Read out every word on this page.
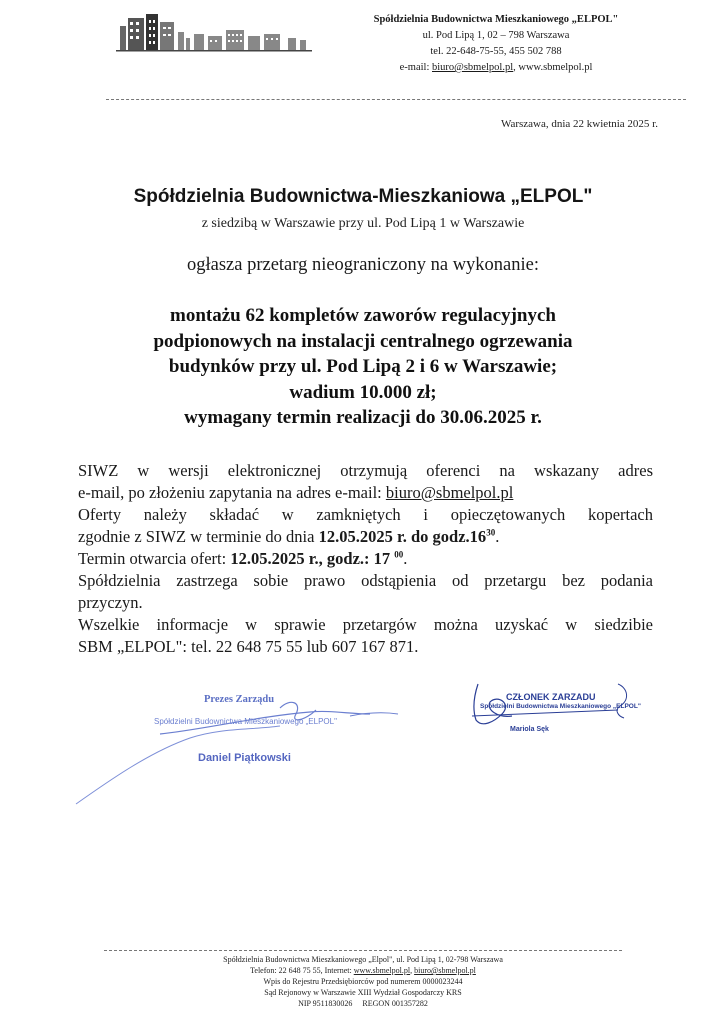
Spółdzielnia Budownictwa Mieszkaniowego „ELPOL"
ul. Pod Lipą 1, 02 – 798 Warszawa
tel. 22-648-75-55, 455 502 788
e-mail: biuro@sbmelpol.pl, www.sbmelpol.pl
Warszawa, dnia 22 kwietnia 2025 r.
Spółdzielnia Budownictwa-Mieszkaniowa „ELPOL"
z siedzibą w Warszawie przy ul. Pod Lipą 1 w Warszawie
ogłasza przetarg nieograniczony na wykonanie:
montażu 62 kompletów zaworów regulacyjnych
podpionowych na instalacji centralnego ogrzewania
budynków przy ul. Pod Lipą 2 i 6 w Warszawie;
wadium 10.000 zł;
wymagany termin realizacji do 30.06.2025 r.
SIWZ w wersji elektronicznej otrzymują oferenci na wskazany adres
e-mail, po złożeniu zapytania na adres e-mail: biuro@sbmelpol.pl
Oferty należy składać w zamkniętych i opieczętowanych kopertach
zgodnie z SIWZ w terminie do dnia 12.05.2025 r. do $godz.16^{30}$.
Termin otwarcia ofert: 12.05.2025 r., godz.: 17 $^{00}$.
Spółdzielnia zastrzega sobie prawo odstąpienia od przetargu bez podania
przyczyn.
Wszelkie informacje w sprawie przetargów można uzyskać w siedzibie
SBM „ELPOL": tel. 22 648 75 55 lub 607 167 871.
Prezes Zarządu
Spółdzielni Budownictwa Mieszkaniowego „ELPOL"
Daniel Piątkowski
CZŁONEK ZARZADU
Spółdzielni Budownictwa Mieszkaniowego „ELPOL"
Mariola Sęk
Spółdzielnia Budownictwa Mieszkaniowego „Elpol", ul. Pod Lipą 1, 02-798 Warszawa
Telefon: 22 648 75 55, Internet: www.sbmelpol.pl, biuro@sbmelpol.pl
Wpis do Rejestru Przedsiębiorców pod numerem 0000023244
Sąd Rejonowy w Warszawie XIII Wydział Gospodarczy KRS
NIP 9511830026     REGON 001357282
